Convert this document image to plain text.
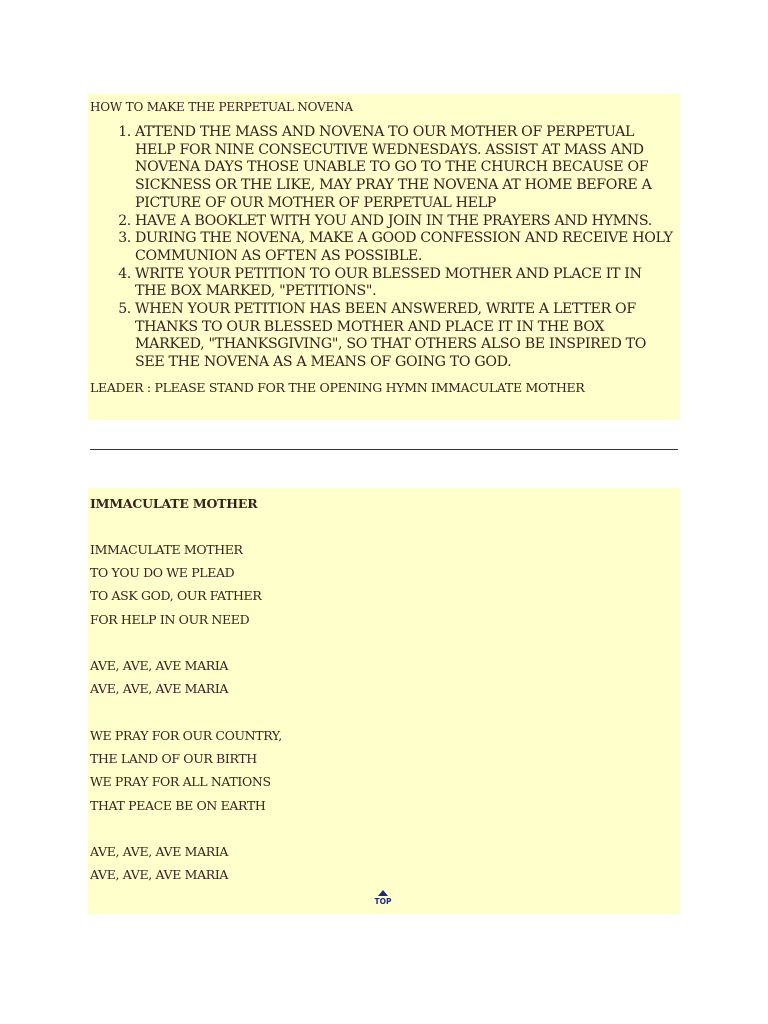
HOW TO MAKE THE PERPETUAL NOVENA
1. ATTEND THE MASS AND NOVENA TO OUR MOTHER OF PERPETUAL HELP FOR NINE CONSECUTIVE WEDNESDAYS. ASSIST AT MASS AND NOVENA DAYS THOSE UNABLE TO GO TO THE CHURCH BECAUSE OF SICKNESS OR THE LIKE, MAY PRAY THE NOVENA AT HOME BEFORE A PICTURE OF OUR MOTHER OF PERPETUAL HELP
2. HAVE A BOOKLET WITH YOU AND JOIN IN THE PRAYERS AND HYMNS.
3. DURING THE NOVENA, MAKE A GOOD CONFESSION AND RECEIVE HOLY COMMUNION AS OFTEN AS POSSIBLE.
4. WRITE YOUR PETITION TO OUR BLESSED MOTHER AND PLACE IT IN THE BOX MARKED, "PETITIONS".
5. WHEN YOUR PETITION HAS BEEN ANSWERED, WRITE A LETTER OF THANKS TO OUR BLESSED MOTHER AND PLACE IT IN THE BOX MARKED, "THANKSGIVING", SO THAT OTHERS ALSO BE INSPIRED TO SEE THE NOVENA AS A MEANS OF GOING TO GOD.
LEADER : PLEASE STAND FOR THE OPENING HYMN IMMACULATE MOTHER
IMMACULATE MOTHER
IMMACULATE MOTHER
TO YOU DO WE PLEAD
TO ASK GOD, OUR FATHER
FOR HELP IN OUR NEED
AVE, AVE, AVE MARIA
AVE, AVE, AVE MARIA
WE PRAY FOR OUR COUNTRY,
THE LAND OF OUR BIRTH
WE PRAY FOR ALL NATIONS
THAT PEACE BE ON EARTH
AVE, AVE, AVE MARIA
AVE, AVE, AVE MARIA
TOP
